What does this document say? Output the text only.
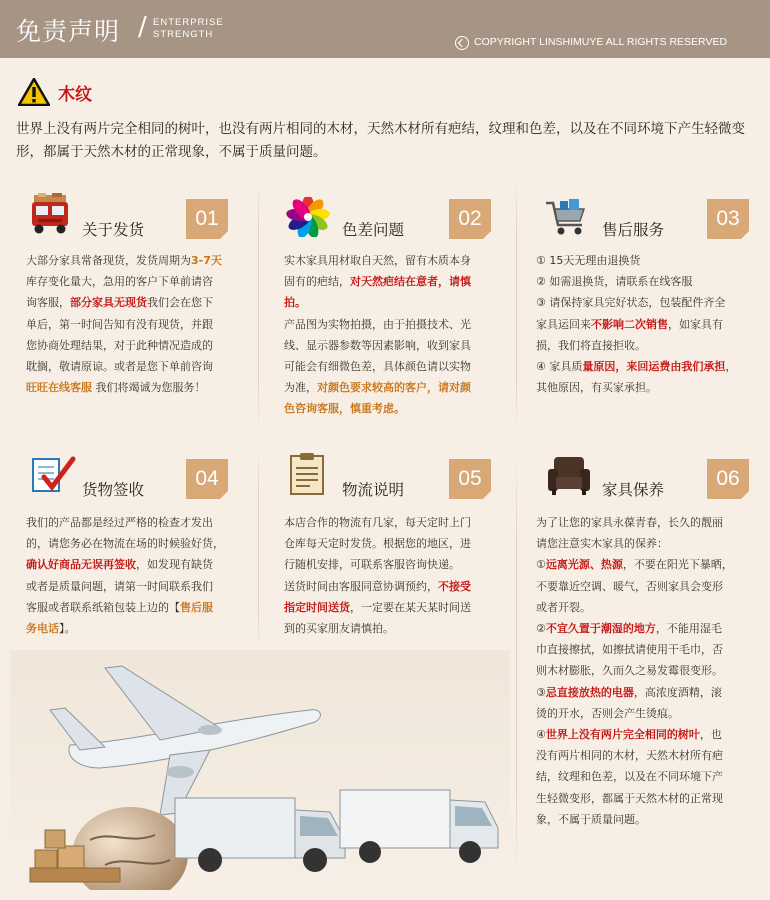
免责声明 / ENTERPRISE
STRENGTH
COPYRIGHT LINSHIMUYE ALL RIGHTS RESERVED
木纹
世界上没有两片完全相同的树叶，也没有两片相同的木材，天然木材所有疤结，纹理和色差，以及在不同环境下产生轻微变形，都属于天然木材的正常现象，不属于质量问题。
关于发货	01
大部分家具常备现货，发货周期为3-7天
库存变化量大，急用的客户下单前请咨
询客服，部分家具无现货我们会在您下
单后，第一时间告知有没有现货，并跟
您协商处理结果，对于此种情况造成的
耽搁，敬请原谅。或者是您下单前咨询
旺旺在线客服 我们将竭诚为您服务！
色差问题	02
实木家具用材取自天然，留有木质本身
固有的疤结，对天然疤结在意者，请慎
拍。
产品图为实物拍摄，由于拍摄技术、光
线、显示器参数等因素影响，收到家具
可能会有细微色差，具体颜色请以实物
为准，对颜色要求较高的客户，请对颜
色咨询客服，慎重考虑。
售后服务	03
① 15天无理由退换货
② 如需退换货，请联系在线客服
③ 请保持家具完好状态，包装配件齐全
家具运回来不影响二次销售，如家具有
损，我们将直接拒收。
④ 家具质量原因，来回运费由我们承担，
其他原因，有买家承担。
货物签收	04
我们的产品都是经过严格的检查才发出
的，请您务必在物流在场的时候验好货，
确认好商品无误再签收，如发现有缺货
或者是质量问题，请第一时间联系我们
客服或者联系纸箱包装上边的【售后服
务电话】。
物流说明	05
本店合作的物流有几家，每天定时上门
仓库每天定时发货。根据您的地区，进
行随机安排，可联系客服咨询快递。
送货时间由客服同意协调预约，不接受
指定时间送货，一定要在某天某时间送
到的买家朋友请慎拍。
家具保养	06
为了让您的家具永葆青春，长久的靓丽
请您注意实木家具的保养：
①远离光源、热源，不要在阳光下暴晒，
不要靠近空调、暖气，否则家具会变形
或者开裂。
②不宜久置于潮湿的地方，不能用湿毛
巾直接擦拭，如擦拭请使用干毛巾，否
则木材膨胀，久而久之易发霉很变形。
③忌直接放热的电器，高浓度酒精，滚
烫的开水，否则会产生烫痕。
④世界上没有两片完全相同的树叶，也
没有两片相同的木材，天然木材所有疤
结，纹理和色差，以及在不同环境下产
生轻微变形，都属于天然木材的正常现
象，不属于质量问题。
